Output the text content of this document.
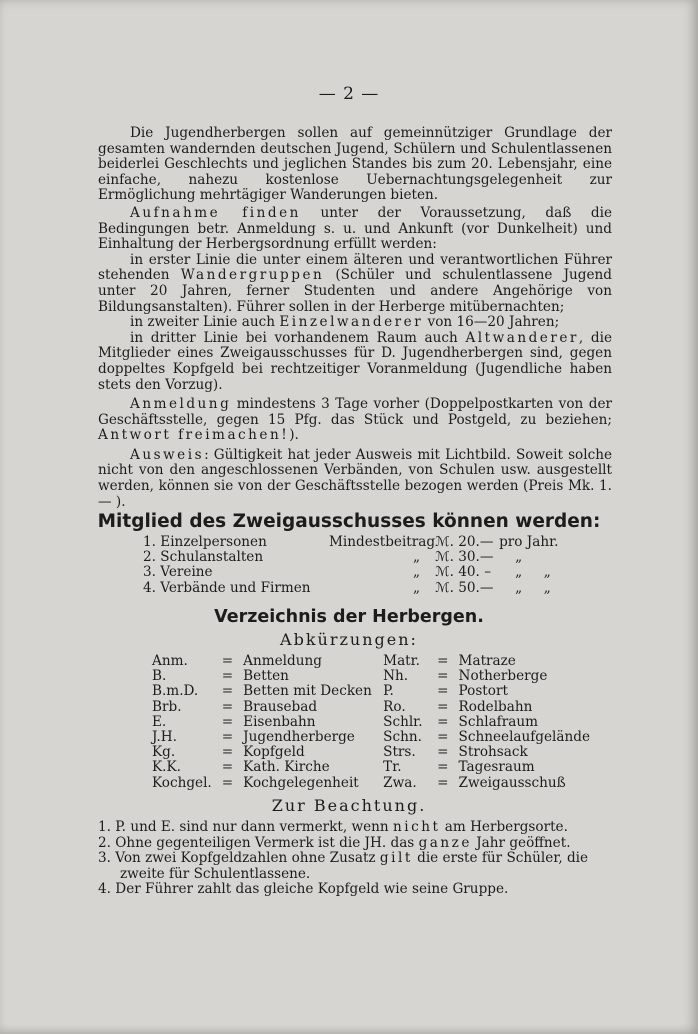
— 2 —

Die Jugendherbergen sollen auf gemeinnütziger Grundlage der gesamten wandernden deutschen Jugend, Schülern und Schulentlassenen beiderlei Geschlechts und jeglichen Standes bis zum 20. Lebensjahr, eine einfache, nahezu kostenlose Uebernachtungsgelegenheit zur Ermöglichung mehrtägiger Wanderungen bieten.

Aufnahme finden unter der Voraussetzung, daß die Bedingungen betr. Anmeldung s. u. und Ankunft (vor Dunkelheit) und Einhaltung der Herbergsordnung erfüllt werden:

in erster Linie die unter einem älteren und verantwortlichen Führer stehenden Wandergruppen (Schüler und schulentlassene Jugend unter 20 Jahren, ferner Studenten und andere Angehörige von Bildungsanstalten). Führer sollen in der Herberge mitübernachten;

in zweiter Linie auch Einzelwanderer von 16—20 Jahren;

in dritter Linie bei vorhandenem Raum auch Altwanderer, die Mitglieder eines Zweigausschusses für D. Jugendherbergen sind, gegen doppeltes Kopfgeld bei rechtzeitiger Voranmeldung (Jugendliche haben stets den Vorzug).

Anmeldung mindestens 3 Tage vorher (Doppelpostkarten von der Geschäftsstelle, gegen 15 Pfg. das Stück und Postgeld, zu beziehen; Antwort freimachen!).

Ausweis: Gültigkeit hat jeder Ausweis mit Lichtbild. Soweit solche nicht von den angeschlossenen Verbänden, von Schulen usw. ausgestellt werden, können sie von der Geschäftsstelle bezogen werden (Preis Mk. 1.— ).

Mitglied des Zweigausschusses können werden:
1. Einzelpersonen	Mindestbeitrag	ℳ. 20.—	pro Jahr.
2. Schulanstalten	„	ℳ. 30.—	„
3. Vereine	„	ℳ. 40. –	„ „
4. Verbände und Firmen	„	ℳ. 50.—	„ „
Verzeichnis der Herbergen.
Abkürzungen:
Anm.	=	Anmeldung	Matr.	=	Matraze
B.	=	Betten	Nh.	=	Notherberge
B.m.D.	=	Betten mit Decken	P.	=	Postort
Brb.	=	Brausebad	Ro.	=	Rodelbahn
E.	=	Eisenbahn	Schlr.	=	Schlafraum
J.H.	=	Jugendherberge	Schn.	=	Schneelaufgelände
Kg.	=	Kopfgeld	Strs.	=	Strohsack
K.K.	=	Kath. Kirche	Tr.	=	Tagesraum
Kochgel.	=	Kochgelegenheit	Zwa.	=	Zweigausschuß
Zur Beachtung.
1. P. und E. sind nur dann vermerkt, wenn nicht am Herbergsorte.
2. Ohne gegenteiligen Vermerk ist die JH. das ganze Jahr geöffnet.
3. Von zwei Kopfgeldzahlen ohne Zusatz gilt die erste für Schüler, die zweite für Schulentlassene.
4. Der Führer zahlt das gleiche Kopfgeld wie seine Gruppe.
